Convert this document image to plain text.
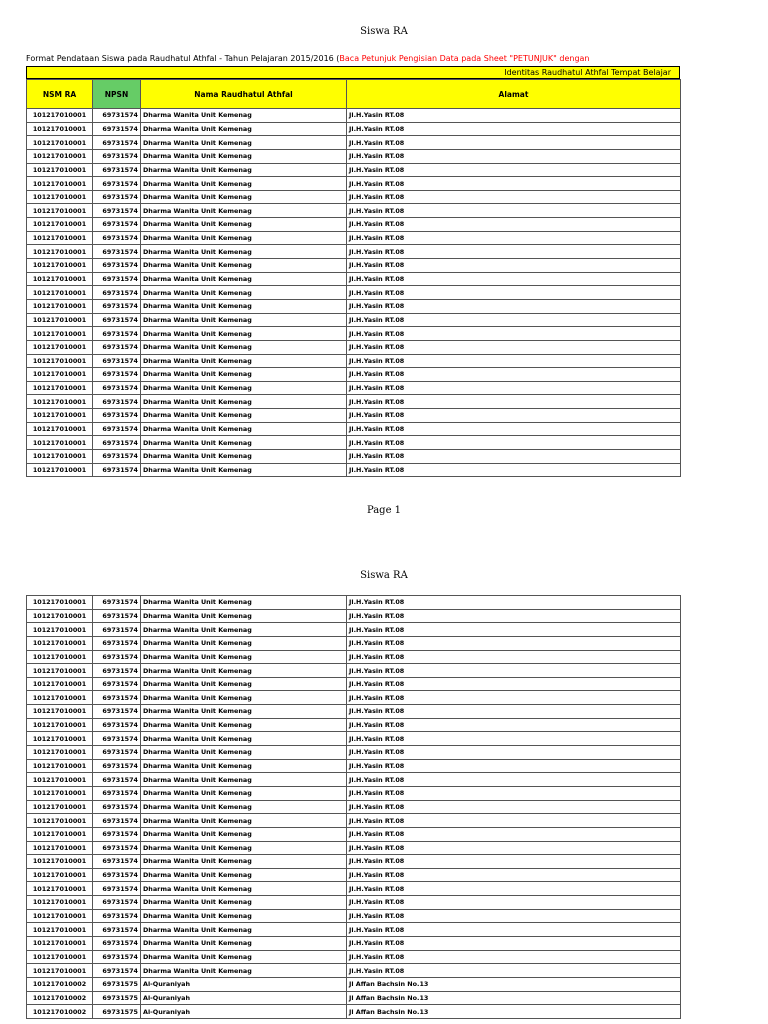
Siswa RA
Format Pendataan Siswa pada Raudhatul Athfal - Tahun Pelajaran 2015/2016 (Baca Petunjuk Pengisian Data pada Sheet "PETUNJUK" dengan
Identitas Raudhatul Athfal Tempat Belajar
NSM RA	NPSN	Nama Raudhatul Athfal	Alamat
101217010001	69731574	Dharma Wanita Unit Kemenag	Jl.H.Yasin RT.08
101217010001	69731574	Dharma Wanita Unit Kemenag	Jl.H.Yasin RT.08
101217010001	69731574	Dharma Wanita Unit Kemenag	Jl.H.Yasin RT.08
101217010001	69731574	Dharma Wanita Unit Kemenag	Jl.H.Yasin RT.08
101217010001	69731574	Dharma Wanita Unit Kemenag	Jl.H.Yasin RT.08
101217010001	69731574	Dharma Wanita Unit Kemenag	Jl.H.Yasin RT.08
101217010001	69731574	Dharma Wanita Unit Kemenag	Jl.H.Yasin RT.08
101217010001	69731574	Dharma Wanita Unit Kemenag	Jl.H.Yasin RT.08
101217010001	69731574	Dharma Wanita Unit Kemenag	Jl.H.Yasin RT.08
101217010001	69731574	Dharma Wanita Unit Kemenag	Jl.H.Yasin RT.08
101217010001	69731574	Dharma Wanita Unit Kemenag	Jl.H.Yasin RT.08
101217010001	69731574	Dharma Wanita Unit Kemenag	Jl.H.Yasin RT.08
101217010001	69731574	Dharma Wanita Unit Kemenag	Jl.H.Yasin RT.08
101217010001	69731574	Dharma Wanita Unit Kemenag	Jl.H.Yasin RT.08
101217010001	69731574	Dharma Wanita Unit Kemenag	Jl.H.Yasin RT.08
101217010001	69731574	Dharma Wanita Unit Kemenag	Jl.H.Yasin RT.08
101217010001	69731574	Dharma Wanita Unit Kemenag	Jl.H.Yasin RT.08
101217010001	69731574	Dharma Wanita Unit Kemenag	Jl.H.Yasin RT.08
101217010001	69731574	Dharma Wanita Unit Kemenag	Jl.H.Yasin RT.08
101217010001	69731574	Dharma Wanita Unit Kemenag	Jl.H.Yasin RT.08
101217010001	69731574	Dharma Wanita Unit Kemenag	Jl.H.Yasin RT.08
101217010001	69731574	Dharma Wanita Unit Kemenag	Jl.H.Yasin RT.08
101217010001	69731574	Dharma Wanita Unit Kemenag	Jl.H.Yasin RT.08
101217010001	69731574	Dharma Wanita Unit Kemenag	Jl.H.Yasin RT.08
101217010001	69731574	Dharma Wanita Unit Kemenag	Jl.H.Yasin RT.08
101217010001	69731574	Dharma Wanita Unit Kemenag	Jl.H.Yasin RT.08
101217010001	69731574	Dharma Wanita Unit Kemenag	Jl.H.Yasin RT.08
Page 1
Siswa RA
101217010001	69731574	Dharma Wanita Unit Kemenag	Jl.H.Yasin RT.08
101217010001	69731574	Dharma Wanita Unit Kemenag	Jl.H.Yasin RT.08
101217010001	69731574	Dharma Wanita Unit Kemenag	Jl.H.Yasin RT.08
101217010001	69731574	Dharma Wanita Unit Kemenag	Jl.H.Yasin RT.08
101217010001	69731574	Dharma Wanita Unit Kemenag	Jl.H.Yasin RT.08
101217010001	69731574	Dharma Wanita Unit Kemenag	Jl.H.Yasin RT.08
101217010001	69731574	Dharma Wanita Unit Kemenag	Jl.H.Yasin RT.08
101217010001	69731574	Dharma Wanita Unit Kemenag	Jl.H.Yasin RT.08
101217010001	69731574	Dharma Wanita Unit Kemenag	Jl.H.Yasin RT.08
101217010001	69731574	Dharma Wanita Unit Kemenag	Jl.H.Yasin RT.08
101217010001	69731574	Dharma Wanita Unit Kemenag	Jl.H.Yasin RT.08
101217010001	69731574	Dharma Wanita Unit Kemenag	Jl.H.Yasin RT.08
101217010001	69731574	Dharma Wanita Unit Kemenag	Jl.H.Yasin RT.08
101217010001	69731574	Dharma Wanita Unit Kemenag	Jl.H.Yasin RT.08
101217010001	69731574	Dharma Wanita Unit Kemenag	Jl.H.Yasin RT.08
101217010001	69731574	Dharma Wanita Unit Kemenag	Jl.H.Yasin RT.08
101217010001	69731574	Dharma Wanita Unit Kemenag	Jl.H.Yasin RT.08
101217010001	69731574	Dharma Wanita Unit Kemenag	Jl.H.Yasin RT.08
101217010001	69731574	Dharma Wanita Unit Kemenag	Jl.H.Yasin RT.08
101217010001	69731574	Dharma Wanita Unit Kemenag	Jl.H.Yasin RT.08
101217010001	69731574	Dharma Wanita Unit Kemenag	Jl.H.Yasin RT.08
101217010001	69731574	Dharma Wanita Unit Kemenag	Jl.H.Yasin RT.08
101217010001	69731574	Dharma Wanita Unit Kemenag	Jl.H.Yasin RT.08
101217010001	69731574	Dharma Wanita Unit Kemenag	Jl.H.Yasin RT.08
101217010001	69731574	Dharma Wanita Unit Kemenag	Jl.H.Yasin RT.08
101217010001	69731574	Dharma Wanita Unit Kemenag	Jl.H.Yasin RT.08
101217010001	69731574	Dharma Wanita Unit Kemenag	Jl.H.Yasin RT.08
101217010001	69731574	Dharma Wanita Unit Kemenag	Jl.H.Yasin RT.08
101217010002	69731575	Al-Quraniyah	Jl Affan Bachsin No.13
101217010002	69731575	Al-Quraniyah	Jl Affan Bachsin No.13
101217010002	69731575	Al-Quraniyah	Jl Affan Bachsin No.13
